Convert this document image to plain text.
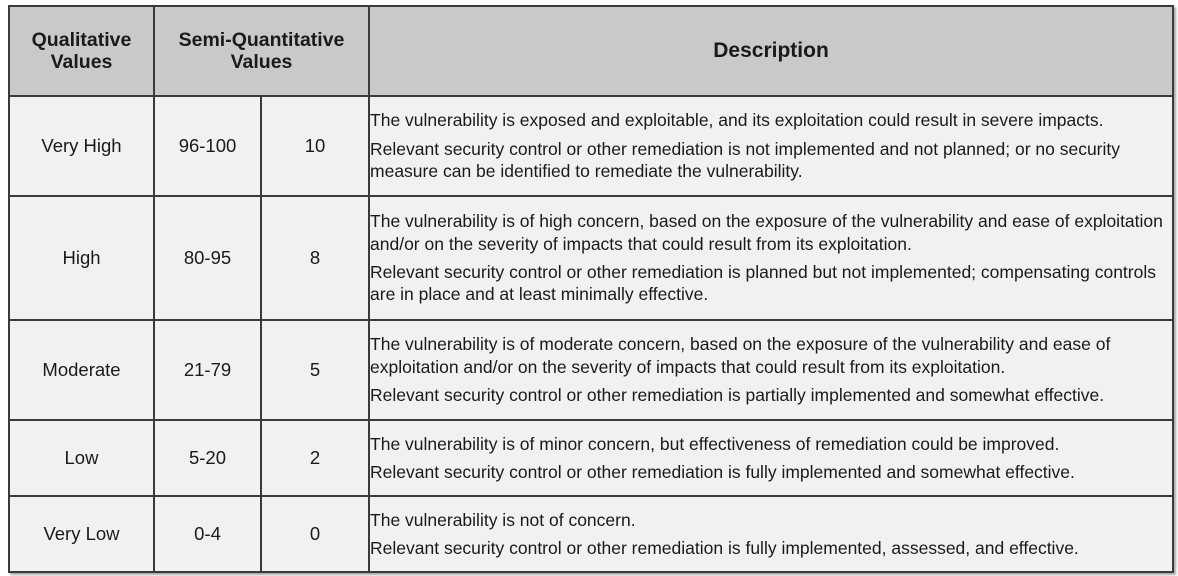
Qualitative Values	Semi-Quantitative Values		Description
Very High	96-100	10	The vulnerability is exposed and exploitable, and its exploitation could result in severe impacts.

Relevant security control or other remediation is not implemented and not planned; or no security measure can be identified to remediate the vulnerability.

High	80-95	8	The vulnerability is of high concern, based on the exposure of the vulnerability and ease of exploitation and/or on the severity of impacts that could result from its exploitation.

Relevant security control or other remediation is planned but not implemented; compensating controls are in place and at least minimally effective.

Moderate	21-79	5	The vulnerability is of moderate concern, based on the exposure of the vulnerability and ease of exploitation and/or on the severity of impacts that could result from its exploitation.

Relevant security control or other remediation is partially implemented and somewhat effective.

Low	5-20	2	The vulnerability is of minor concern, but effectiveness of remediation could be improved.

Relevant security control or other remediation is fully implemented and somewhat effective.

Very Low	0-4	0	The vulnerability is not of concern.

Relevant security control or other remediation is fully implemented, assessed, and effective.
